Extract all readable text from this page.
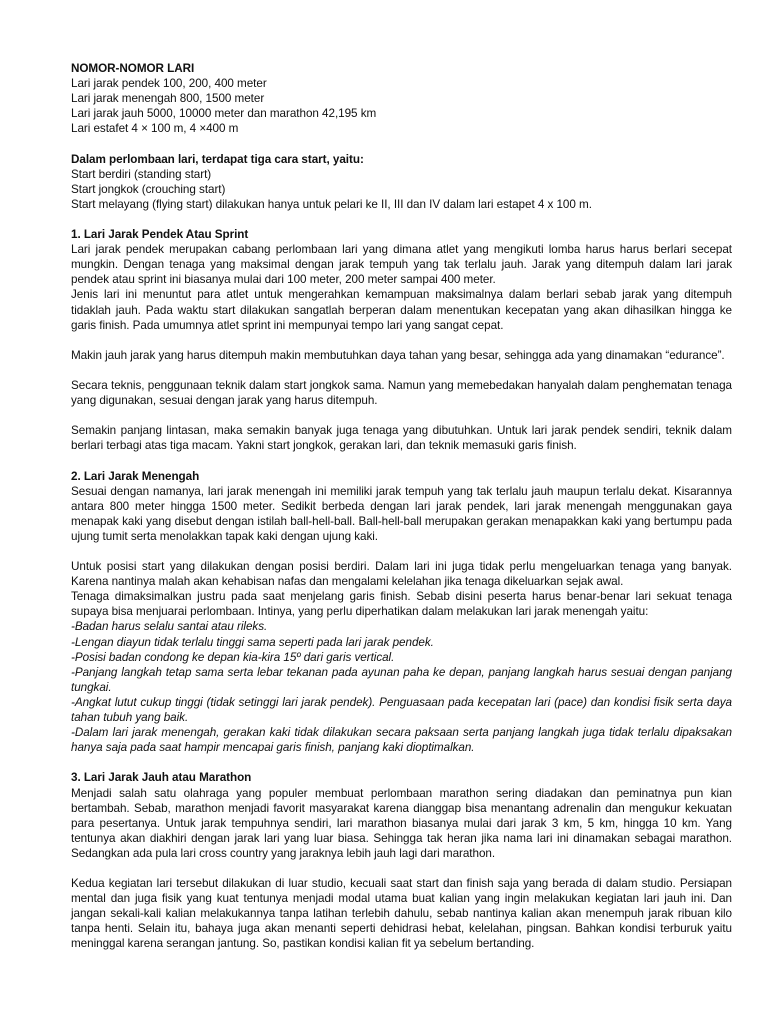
NOMOR-NOMOR LARI

Lari jarak pendek 100, 200, 400 meter

Lari jarak menengah 800, 1500 meter

Lari jarak jauh 5000, 10000 meter dan marathon 42,195 km

Lari estafet 4 × 100 m, 4 ×400 m

Dalam perlombaan lari, terdapat tiga cara start, yaitu:

Start berdiri (standing start)

Start jongkok (crouching start)

Start melayang (flying start) dilakukan hanya untuk pelari ke II, III dan IV dalam lari estapet 4 x 100 m.

1. Lari Jarak Pendek Atau Sprint

Lari jarak pendek merupakan cabang perlombaan lari yang dimana atlet yang mengikuti lomba harus harus berlari secepat mungkin. Dengan tenaga yang maksimal dengan jarak tempuh yang tak terlalu jauh. Jarak yang ditempuh dalam lari jarak pendek atau sprint ini biasanya mulai dari 100 meter, 200 meter sampai 400 meter.

Jenis lari ini menuntut para atlet untuk mengerahkan kemampuan maksimalnya dalam berlari sebab jarak yang ditempuh tidaklah jauh. Pada waktu start dilakukan sangatlah berperan dalam menentukan kecepatan yang akan dihasilkan hingga ke garis finish. Pada umumnya atlet sprint ini mempunyai tempo lari yang sangat cepat.

Makin jauh jarak yang harus ditempuh makin membutuhkan daya tahan yang besar, sehingga ada yang dinamakan “edurance”.

Secara teknis, penggunaan teknik dalam start jongkok sama. Namun yang memebedakan hanyalah dalam penghematan tenaga yang digunakan, sesuai dengan jarak yang harus ditempuh.

Semakin panjang lintasan, maka semakin banyak juga tenaga yang dibutuhkan. Untuk lari jarak pendek sendiri, teknik dalam berlari terbagi atas tiga macam. Yakni start jongkok, gerakan lari, dan teknik memasuki garis finish.

2. Lari Jarak Menengah

Sesuai dengan namanya, lari jarak menengah ini memiliki jarak tempuh yang tak terlalu jauh maupun terlalu dekat. Kisarannya antara 800 meter hingga 1500 meter. Sedikit berbeda dengan lari jarak pendek, lari jarak menengah menggunakan gaya menapak kaki yang disebut dengan istilah ball-hell-ball. Ball-hell-ball merupakan gerakan menapakkan kaki yang bertumpu pada ujung tumit serta menolakkan tapak kaki dengan ujung kaki.

Untuk posisi start yang dilakukan dengan posisi berdiri. Dalam lari ini juga tidak perlu mengeluarkan tenaga yang banyak. Karena nantinya malah akan kehabisan nafas dan mengalami kelelahan jika tenaga dikeluarkan sejak awal.

Tenaga dimaksimalkan justru pada saat menjelang garis finish. Sebab disini peserta harus benar-benar lari sekuat tenaga supaya bisa menjuarai perlombaan. Intinya, yang perlu diperhatikan dalam melakukan lari jarak menengah yaitu:

-Badan harus selalu santai atau rileks.

-Lengan diayun tidak terlalu tinggi sama seperti pada lari jarak pendek.

-Posisi badan condong ke depan kia-kira 15º dari garis vertical.

-Panjang langkah tetap sama serta lebar tekanan pada ayunan paha ke depan, panjang langkah harus sesuai dengan panjang tungkai.

-Angkat lutut cukup tinggi (tidak setinggi lari jarak pendek). Penguasaan pada kecepatan lari (pace) dan kondisi fisik serta daya tahan tubuh yang baik.

-Dalam lari jarak menengah, gerakan kaki tidak dilakukan secara paksaan serta panjang langkah juga tidak terlalu dipaksakan hanya saja pada saat hampir mencapai garis finish, panjang kaki dioptimalkan.

3. Lari Jarak Jauh atau Marathon

Menjadi salah satu olahraga yang populer membuat perlombaan marathon sering diadakan dan peminatnya pun kian bertambah. Sebab, marathon menjadi favorit masyarakat karena dianggap bisa menantang adrenalin dan mengukur kekuatan para pesertanya. Untuk jarak tempuhnya sendiri, lari marathon biasanya mulai dari jarak 3 km, 5 km, hingga 10 km. Yang tentunya akan diakhiri dengan jarak lari yang luar biasa. Sehingga tak heran jika nama lari ini dinamakan sebagai marathon. Sedangkan ada pula lari cross country yang jaraknya lebih jauh lagi dari marathon.

Kedua kegiatan lari tersebut dilakukan di luar studio, kecuali saat start dan finish saja yang berada di dalam studio. Persiapan mental dan juga fisik yang kuat tentunya menjadi modal utama buat kalian yang ingin melakukan kegiatan lari jauh ini. Dan jangan sekali-kali kalian melakukannya tanpa latihan terlebih dahulu, sebab nantinya kalian akan menempuh jarak ribuan kilo tanpa henti. Selain itu, bahaya juga akan menanti seperti dehidrasi hebat, kelelahan, pingsan. Bahkan kondisi terburuk yaitu meninggal karena serangan jantung. So, pastikan kondisi kalian fit ya sebelum bertanding.
